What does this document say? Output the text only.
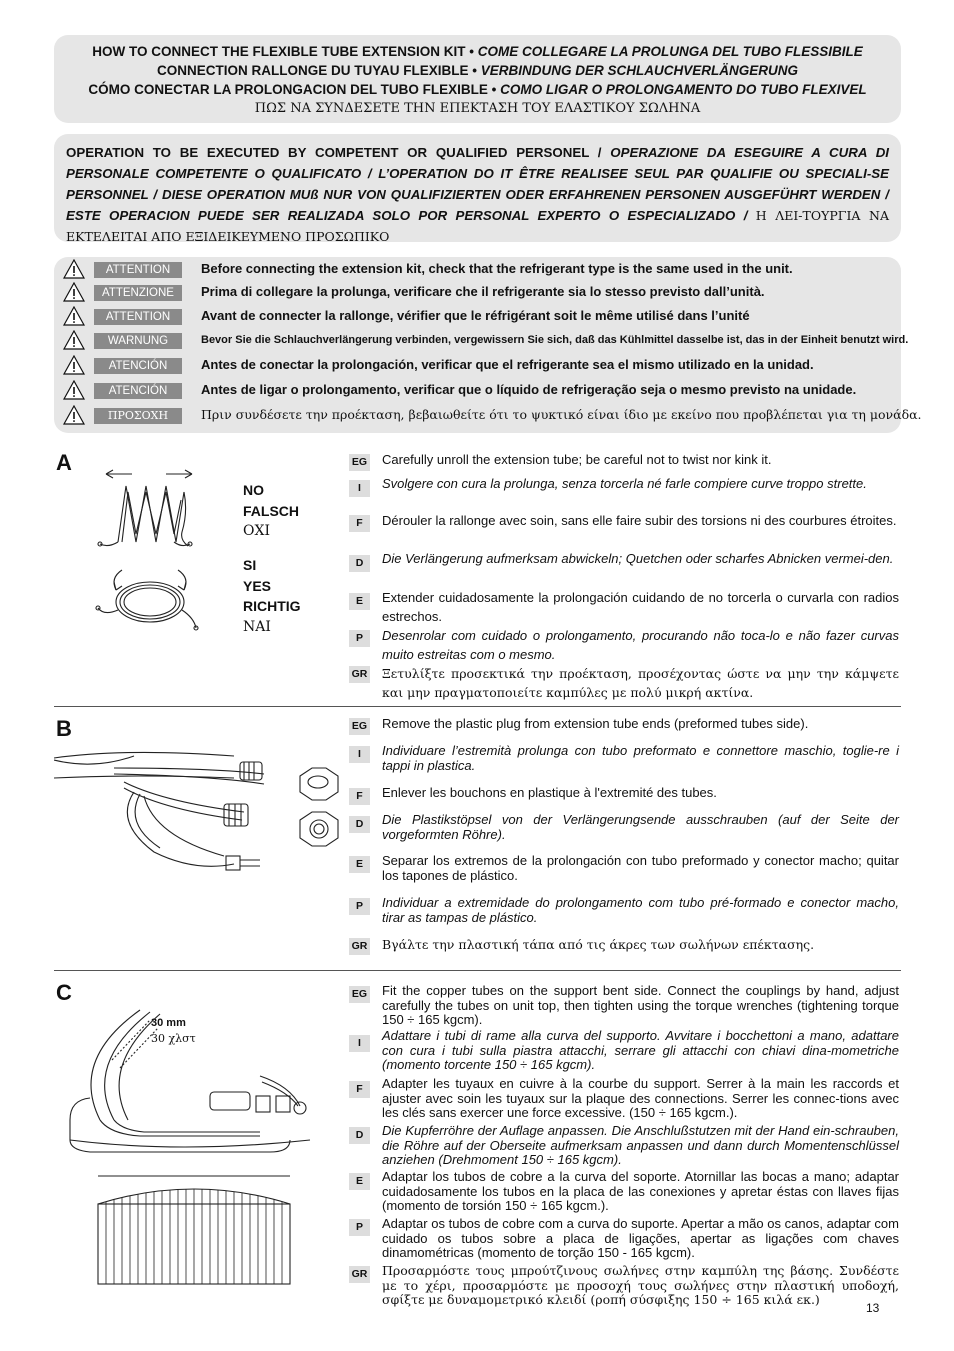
HOW TO CONNECT THE FLEXIBLE TUBE EXTENSION KIT • COME COLLEGARE LA PROLUNGA DEL TUBO FLESSIBILE
CONNECTION RALLONGE DU TUYAU FLEXIBLE • VERBINDUNG DER SCHLAUCHVERLÄNGERUNG
CÓMO CONECTAR LA PROLONGACION DEL TUBO FLEXIBLE • COMO LIGAR O PROLONGAMENTO DO TUBO FLEXIVEL
ΠΩΣ ΝΑ ΣΥΝΔΕΣΕΤΕ ΤΗΝ ΕΠΕΚΤΑΣΗ ΤΟΥ ΕΛΑΣΤΙΚΟΥ ΣΩΛΗΝΑ
OPERATION TO BE EXECUTED BY COMPETENT OR QUALIFIED PERSONEL / OPERAZIONE DA ESEGUIRE A CURA DI PERSONALE COMPETENTE O QUALIFICATO / L’OPERATION DO IT ÊTRE REALISEE SEUL PAR QUALIFIE OU SPECIALI-SE PERSONNEL / DIESE OPERATION MUß NUR VON QUALIFIZIERTEN ODER ERFAHRENEN PERSONEN AUSGEFÜHRT WERDEN / ESTE OPERACION PUEDE SER REALIZADA SOLO POR PERSONAL EXPERTO O ESPECIALIZADO / Η ΛΕΙ-ΤΟΥΡΓΙΑ ΝΑ ΕΚΤΕΛΕΙΤΑΙ ΑΠΟ ΕΞΙΔΕΙΚΕΥΜΕΝΟ ΠΡΟΣΩΠΙΚΟ
ATTENTION	Before connecting the extension kit, check that the refrigerant type is the same used in the unit.
ATTENZIONE	Prima di collegare la prolunga, verificare che il refrigerante sia lo stesso previsto dall’unità.
ATTENTION	Avant de connecter la rallonge, vérifier que le réfrigérant soit le même utilisé dans l’unité
WARNUNG	Bevor Sie die Schlauchverlängerung verbinden, vergewissern Sie sich, daß das Kühlmittel dasselbe ist, das in der Einheit benutzt wird.
ATENCIÓN	Antes de conectar la prolongación, verificar que el refrigerante sea el mismo utilizado en la unidad.
ATENCIÓN	Antes de ligar o prolongamento, verificar que o líquido de refrigeração seja o mesmo previsto na unidade.
ΠΡΟΣΟΧΗ	Πριν συνδέσετε την προέκταση, βεβαιωθείτε ότι το ψυκτικό είναι ίδιο με εκείνο που προβλέπεται για τη μονάδα.
A
NO
FALSCH
ΟΧΙ
SI
YES
RICHTIG
ΝΑΙ
EG Carefully unroll the extension tube; be careful not to twist nor kink it.
I	Svolgere con cura la prolunga, senza torcerla né farle compiere curve troppo strette.
F	Dérouler la rallonge avec soin, sans elle faire subir des torsions ni des courbures étroites.
D	Die Verlängerung aufmerksam abwickeln; Quetchen oder scharfes Abnicken vermei-den.
E	Extender cuidadosamente la prolongación cuidando de no torcerla o curvarla con radios estrechos.
P	Desenrolar com cuidado o prolongamento, procurando não toca-lo e não fazer curvas muito estreitas com o mesmo.
GR Ξετυλίξτε προσεκτικά την προέκταση, προσέχοντας ώστε να μην την κάμψετε και μην πραγματοποιείτε καμπύλες με πολύ μικρή ακτίνα.
B	EG Remove the plastic plug from extension tube ends (preformed tubes side).
I	Individuare l’estremità prolunga con tubo preformato e connettore maschio, toglie-re i tappi in plastica.
F	Enlever les bouchons en plastique à l'extremité des tubes.
D	Die Plastikstöpsel von der Verlängerungsende ausschrauben (auf der Seite der vorgeformten Röhre).
E	Separar los extremos de la prolongación con tubo preformado y conector macho; quitar los tapones de plástico.
P	Individuar a extremidade do prolongamento com tubo pré-formado e conector macho, tirar as tampas de plástico.
GR Βγάλτε την πλαστική τάπα από τις άκρες των σωλήνων επέκτασης.
C
30 mm
30 χλστ
EG Fit the copper tubes on the support bent side. Connect the couplings by hand, adjust carefully the tubes on unit top, then tighten using the torque wrenches (tightening torque 150 ÷ 165 kgcm).
I	Adattare i tubi di rame alla curva del supporto. Avvitare i bocchettoni a mano, adattare con cura i tubi sulla piastra attacchi, serrare gli attacchi con chiavi dina-mometriche (momento torcente 150 ÷ 165 kgcm).
F	Adapter les tuyaux en cuivre à la courbe du support. Serrer à la main les raccords et ajuster avec soin les tuyaux sur la plaque des connections. Serrer les connec-tions avec les clés sans exercer une force excessive. (150 ÷ 165 kgcm.).
D	Die Kupferröhre der Auflage anpassen. Die Anschlußstutzen mit der Hand ein-schrauben, die Röhre auf der Oberseite aufmerksam anpassen und dann durch Momentenschlüssel anziehen (Drehmoment 150 ÷ 165 kgcm).
E	Adaptar los tubos de cobre a la curva del soporte. Atornillar las bocas a mano; adaptar cuidadosamente los tubos en la placa de las conexiones y apretar éstas con llaves fijas (momento de torsión 150 ÷ 165 kgcm.).
P	Adaptar os tubos de cobre com a curva do suporte. Apertar a mão os canos, adaptar com cuidado os tubos sobre a placa de ligações, apertar as ligações com chaves dinamométricas (momento de torção 150 - 165 kgcm).
GR Προσαρμόστε τους μπρούτζινους σωλήνες στην καμπύλη της βάσης. Συνδέστε με το χέρι, προσαρμόστε με προσοχή τους σωλήνες στην πλαστική υποδοχή, σφίξτε με δυναμομετρικό κλειδί (ροπή σύσφιξης 150 ÷ 165 κιλά εκ.)
13
